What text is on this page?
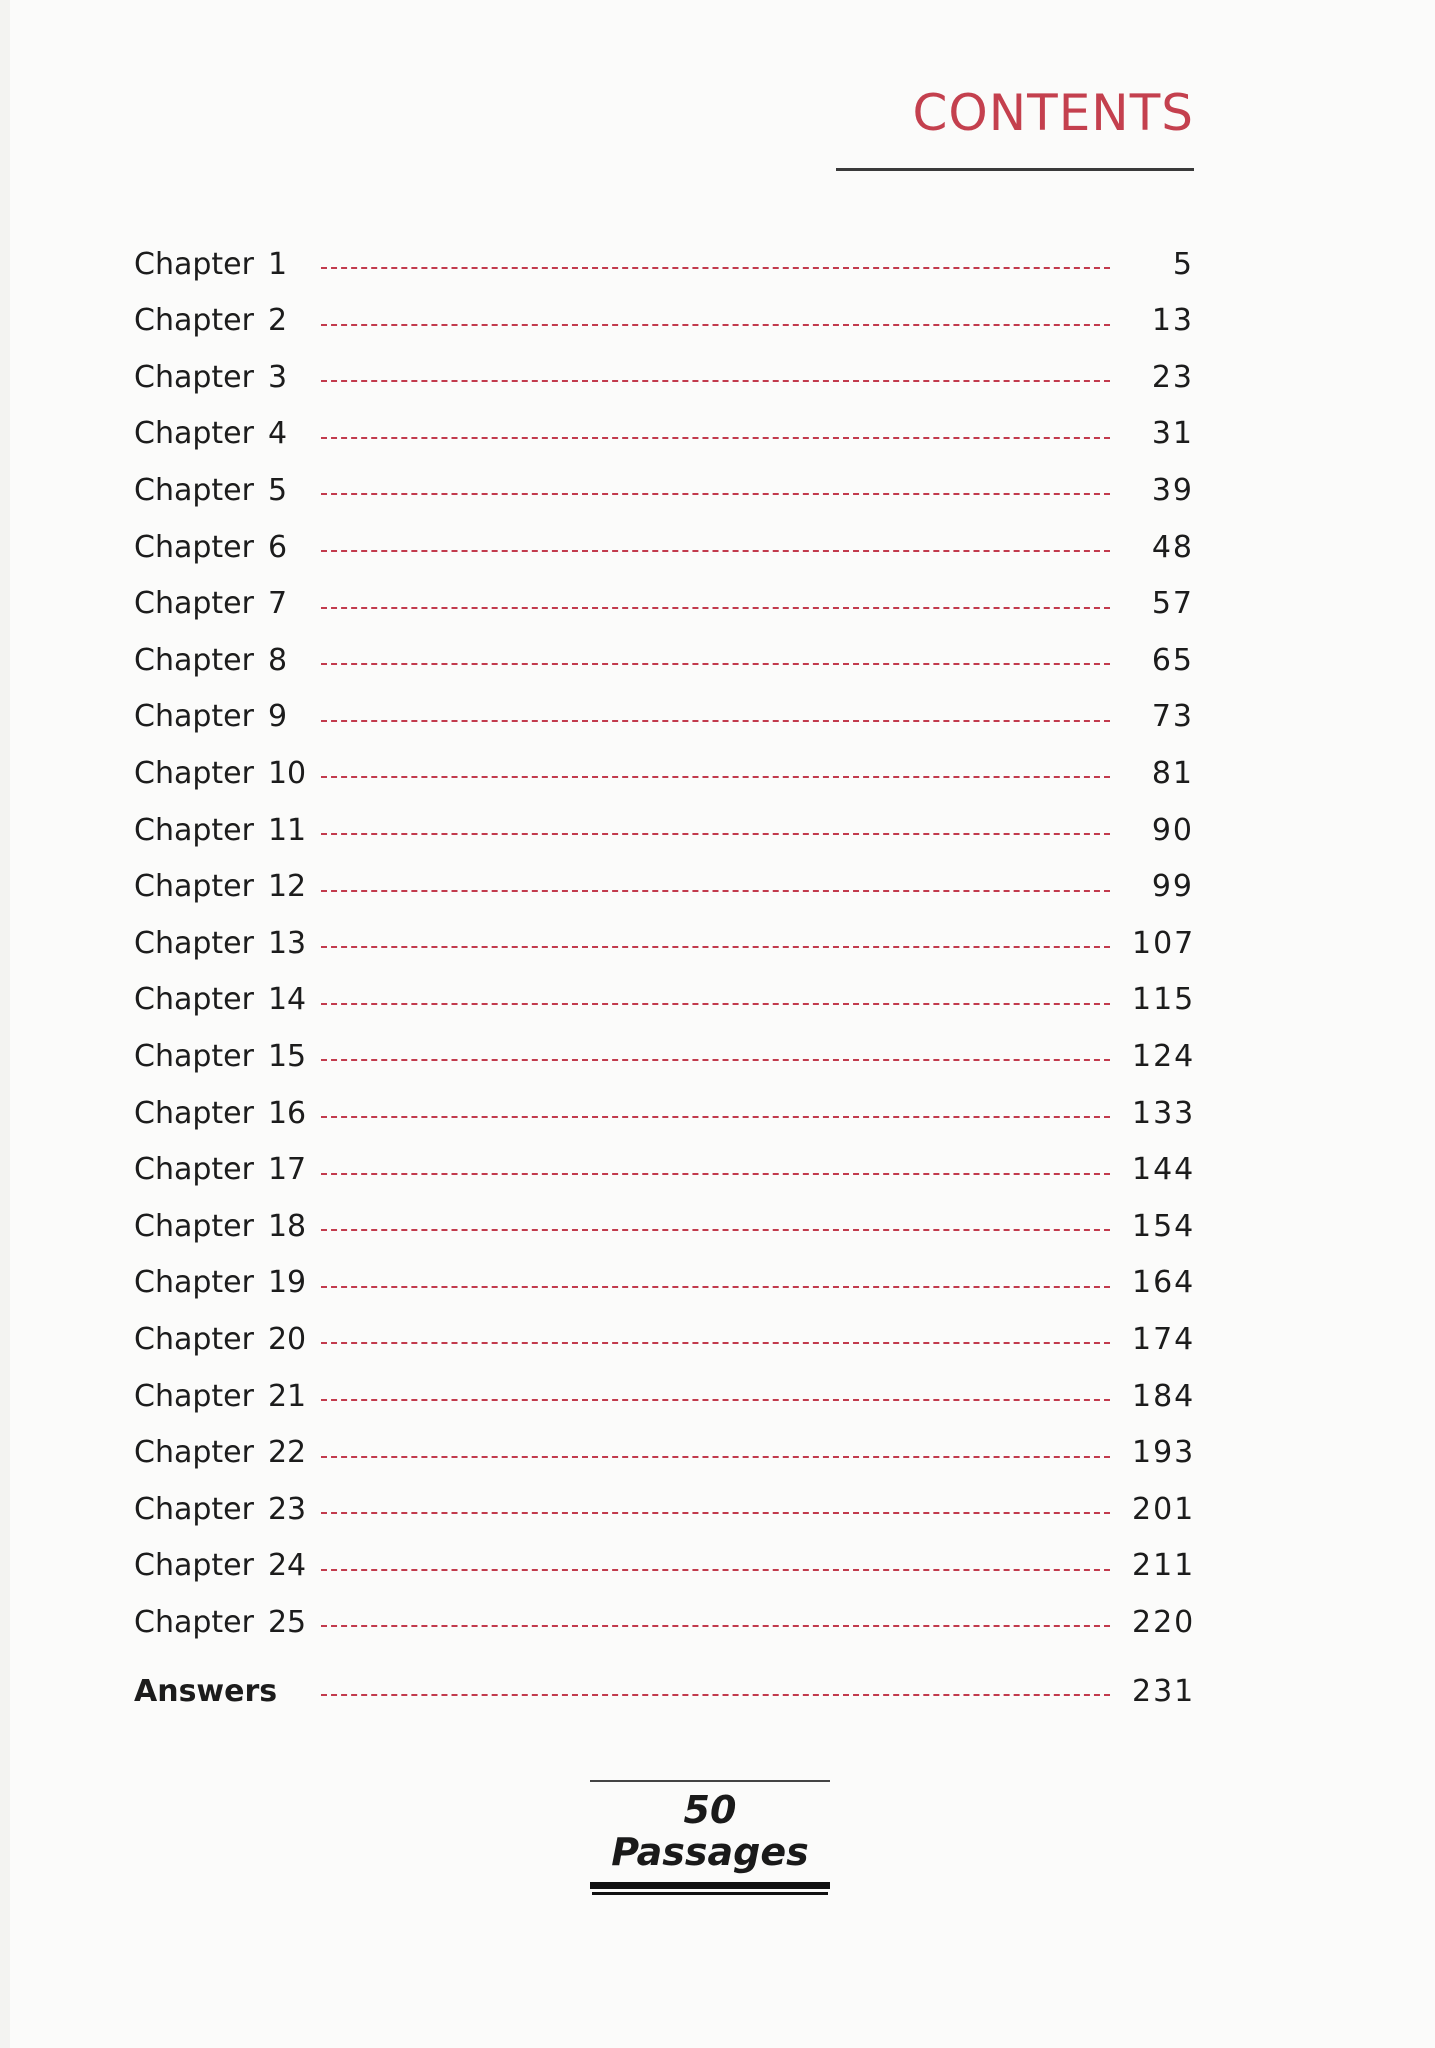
CONTENTS
Chapter 1	5
Chapter 2	13
Chapter 3	23
Chapter 4	31
Chapter 5	39
Chapter 6	48
Chapter 7	57
Chapter 8	65
Chapter 9	73
Chapter 10	81
Chapter 11	90
Chapter 12	99
Chapter 13	107
Chapter 14	115
Chapter 15	124
Chapter 16	133
Chapter 17	144
Chapter 18	154
Chapter 19	164
Chapter 20	174
Chapter 21	184
Chapter 22	193
Chapter 23	201
Chapter 24	211
Chapter 25	220
Answers	231
50 Passages
